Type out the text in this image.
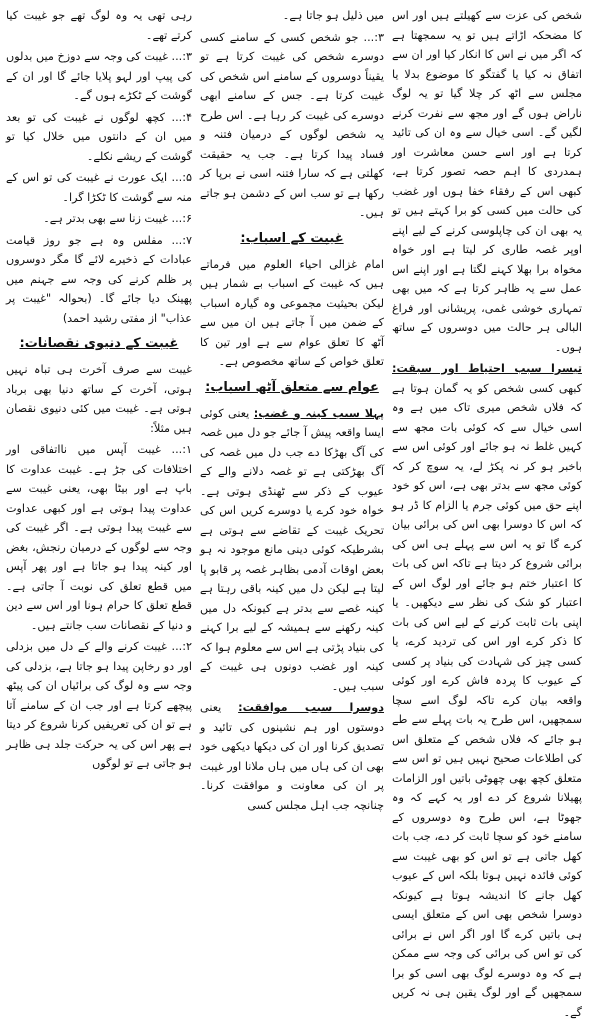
رہی تھی یہ وہ لوگ تھے جو غیبت کیا کرتے تھے۔

۳:... غیبت کی وجہ سے دوزخ میں بدلوں کی پیپ اور لہو پلایا جائے گا اور ان کے گوشت کے ٹکڑے ہوں گے۔

۴:... کچھ لوگوں نے غیبت کی تو بعد میں ان کے دانتوں میں خلال کیا تو گوشت کے ریشے نکلے۔

۵:... ایک عورت نے غیبت کی تو اس کے منہ سے گوشت کا ٹکڑا گرا۔

۶:... غیبت زنا سے بھی بدتر ہے۔

۷:... مفلس وہ ہے جو روز قیامت عبادات کے ذخیرے لائے گا مگر دوسروں پر ظلم کرنے کی وجہ سے جہنم میں پھینک دیا جائے گا۔ (بحوالہ "غیبت پر عذاب" از مفتی رشید احمد)

غیبت کے دنیوی نقصانات:

غیبت سے صرف آخرت ہی تباہ نہیں ہوتی، آخرت کے ساتھ دنیا بھی برباد ہوتی ہے۔ غیبت میں کئی دنیوی نقصان ہیں مثلاً:

۱:... غیبت آپس میں نااتفاقی اور اختلافات کی جڑ ہے۔ غیبت عداوت کا باپ ہے اور بیٹا بھی، یعنی غیبت سے عداوت پیدا ہوتی ہے اور کبھی عداوت سے غیبت پیدا ہوتی ہے۔ اگر غیبت کی وجہ سے لوگوں کے درمیان رنجش، بغض اور کینہ پیدا ہو جاتا ہے اور پھر آپس میں قطع تعلق کی نوبت آ جاتی ہے۔ قطع تعلق کا حرام ہونا اور اس سے دین و دنیا کے نقصانات سب جانتے ہیں۔

۲:... غیبت کرنے والے کے دل میں بزدلی اور دو رخاپن پیدا ہو جاتا ہے، بزدلی کی وجہ سے وہ لوگ کی برائیاں ان کی پیٹھ پیچھے کرتا ہے اور جب ان کے سامنے آتا ہے تو ان کی تعریفیں کرنا شروع کر دیتا ہے پھر اس کی یہ حرکت جلد ہی ظاہر ہو جاتی ہے تو لوگوں

میں ذلیل ہو جاتا ہے۔

۳:... جو شخص کسی کے سامنے کسی دوسرے شخص کی غیبت کرتا ہے تو یقیناً دوسروں کے سامنے اس شخص کی غیبت کرتا ہے۔ جس کے سامنے ابھی دوسرے کی غیبت کر رہا ہے۔ اس طرح یہ شخص لوگوں کے درمیان فتنہ و فساد پیدا کرتا ہے۔ جب یہ حقیقت کھلتی ہے کہ سارا فتنہ اسی نے برپا کر رکھا ہے تو سب اس کے دشمن ہو جاتے ہیں۔

غیبت کے اسباب:

امام غزالی احیاء العلوم میں فرماتے ہیں کہ غیبت کے اسباب بے شمار ہیں لیکن بحیثیت مجموعی وہ گیارہ اسباب کے ضمن میں آ جاتے ہیں ان میں سے آٹھ کا تعلق عوام سے ہے اور تین کا تعلق خواص کے ساتھ مخصوص ہے۔

عوام سے متعلق آٹھ اسباب:

پہلا سبب کینہ و غضب: یعنی کوئی ایسا واقعہ پیش آ جائے جو دل میں غصہ کی آگ بھڑکا دے جب دل میں غصہ کی آگ بھڑکتی ہے تو غصہ دلانے والے کے عیوب کے ذکر سے ٹھنڈی ہوتی ہے۔ خواہ خود کرے یا دوسرے کریں اس کی تحریک غیبت کے تقاضے سے ہوتی ہے بشرطیکہ کوئی دینی مانع موجود نہ ہو بعض اوقات آدمی بظاہر غصہ پر قابو پا لیتا ہے لیکن دل میں کینہ باقی رہتا ہے کینہ غصے سے بدتر ہے کیونکہ دل میں کینہ رکھنے سے ہمیشہ کے لیے برا کہنے کی بنیاد پڑتی ہے اس سے معلوم ہوا کہ کینہ اور غضب دونوں ہی غیبت کے سبب ہیں۔

دوسرا سبب موافقت: یعنی دوستوں اور ہم نشینوں کی تائید و تصدیق کرنا اور ان کی دیکھا دیکھی خود بھی ان کی ہاں میں ہاں ملانا اور غیبت پر ان کی معاونت و موافقت کرنا۔ چنانچہ جب اہل مجلس کسی

شخص کی عزت سے کھیلتے ہیں اور اس کا مضحکہ اڑاتے ہیں تو یہ سمجھتا ہے کہ اگر میں نے اس کا انکار کیا اور ان سے اتفاق نہ کیا یا گفتگو کا موضوع بدلا یا مجلس سے اٹھ کر چلا گیا تو یہ لوگ ناراض ہوں گے اور مجھ سے نفرت کرنے لگیں گے۔ اسی خیال سے وہ ان کی تائید کرتا ہے اور اسے حسن معاشرت اور ہمدردی کا اہم حصہ تصور کرتا ہے، کبھی اس کے رفقاء خفا ہوں اور غضب کی حالت میں کسی کو برا کہتے ہیں تو یہ بھی ان کی چاپلوسی کرنے کے لیے اپنے اوپر غصہ طاری کر لیتا ہے اور خواہ مخواہ برا بھلا کہنے لگتا ہے اور اپنے اس عمل سے یہ ظاہر کرتا ہے کہ میں بھی تمہاری خوشی غمی، پریشانی اور فراغ البالی ہر حالت میں دوسروں کے ساتھ ہوں۔

تیسرا سبب احتیاط اور سبقت: کبھی کسی شخص کو یہ گمان ہوتا ہے کہ فلاں شخص میری تاک میں ہے وہ اسی خیال سے کہ کوئی بات مجھ سے کہیں غلط نہ ہو جائے اور کوئی اس سے باخبر ہو کر نہ پکڑ لے، یہ سوچ کر کہ کوئی مجھ سے بدتر بھی ہے، اس کو خود اپنے حق میں کوئی جرم یا الزام کا ڈر ہو کہ اس کا دوسرا بھی اس کی برائی بیان کرے گا تو یہ اس سے پہلے ہی اس کی برائی شروع کر دیتا ہے تاکہ اس کی بات کا اعتبار ختم ہو جائے اور لوگ اس کے اعتبار کو شک کی نظر سے دیکھیں۔ یا اپنی بات ثابت کرنے کے لیے اس کی بات کا ذکر کرے اور اس کی تردید کرے، یا کسی چیز کی شہادت کی بنیاد پر کسی کے عیوب کا پردہ فاش کرے اور کوئی واقعہ بیان کرے تاکہ لوگ اسے سچا سمجھیں، اس طرح یہ بات پہلے سے طے ہو جائے کہ فلاں شخص کے متعلق اس کی اطلاعات صحیح نہیں ہیں تو اس سے متعلق کچھ بھی چھوٹی باتیں اور الزامات پھیلانا شروع کر دے اور یہ کہے کہ وہ جھوٹا ہے، اس طرح وہ دوسروں کے سامنے خود کو سچا ثابت کر دے، جب بات کھل جاتی ہے تو اس کو بھی غیبت سے کوئی فائدہ نہیں ہوتا بلکہ اس کے عیوب کھل جانے کا اندیشہ ہوتا ہے کیونکہ دوسرا شخص بھی اس کے متعلق ایسی ہی باتیں کرے گا اور اگر اس نے برائی کی تو اس کی برائی کی وجہ سے ممکن ہے کہ وہ دوسرے لوگ بھی اسی کو برا سمجھیں گے اور لوگ یقین ہی نہ کریں گے۔
